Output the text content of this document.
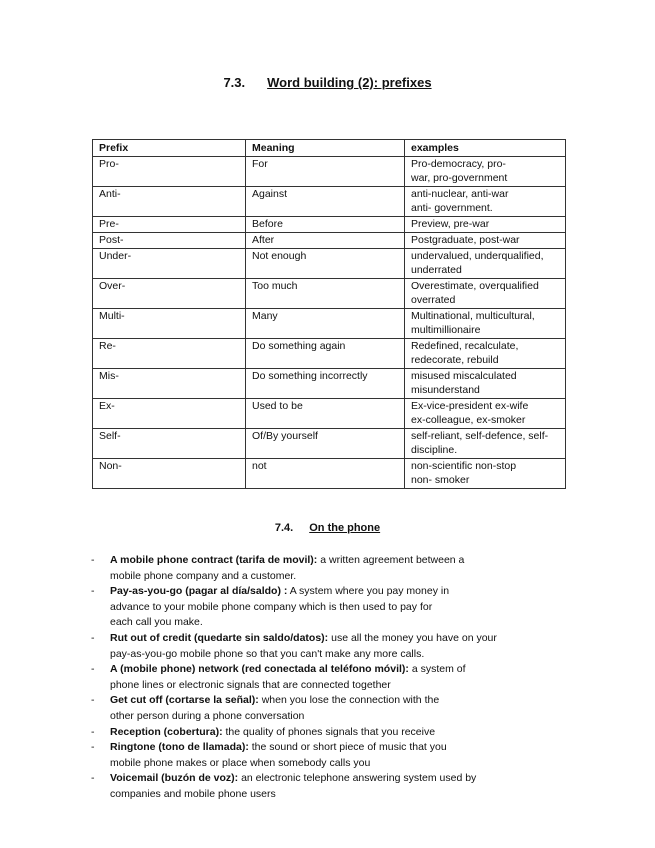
7.3. Word building (2): prefixes
Prefix	Meaning	examples
Pro-	For	Pro-democracy, pro-
war, pro-government

Anti-	Against	anti-nuclear, anti-war
anti- government.

Pre-	Before	Preview, pre-war

Post-	After	Postgraduate, post-war

Under-	Not enough	undervalued, underqualified,
underrated

Over-	Too much	Overestimate, overqualified
overrated

Multi-	Many	Multinational, multicultural,
multimillionaire

Re-	Do something again	Redefined, recalculate,
redecorate, rebuild

Mis-	Do something incorrectly	misused miscalculated
misunderstand

Ex-	Used to be	Ex-vice-president ex-wife
ex-colleague, ex-smoker

Self-	Of/By yourself	self-reliant, self-defence, self-
discipline.

Non-	not	non-scientific non-stop
non- smoker
7.4. On the phone
- A mobile phone contract (tarifa de movil): a written agreement between a
mobile phone company and a customer.
- Pay-as-you-go (pagar al día/saldo) : A system where you pay money in
advance to your mobile phone company which is then used to pay for
each call you make.
- Rut out of credit (quedarte sin saldo/datos): use all the money you have on your
pay-as-you-go mobile phone so that you can't make any more calls.
- A (mobile phone) network (red conectada al teléfono móvil): a system of
phone lines or electronic signals that are connected together
- Get cut off (cortarse la señal): when you lose the connection with the
other person during a phone conversation
- Reception (cobertura): the quality of phones signals that you receive
- Ringtone (tono de llamada): the sound or short piece of music that you
mobile phone makes or place when somebody calls you
- Voicemail (buzón de voz): an electronic telephone answering system used by
companies and mobile phone users
